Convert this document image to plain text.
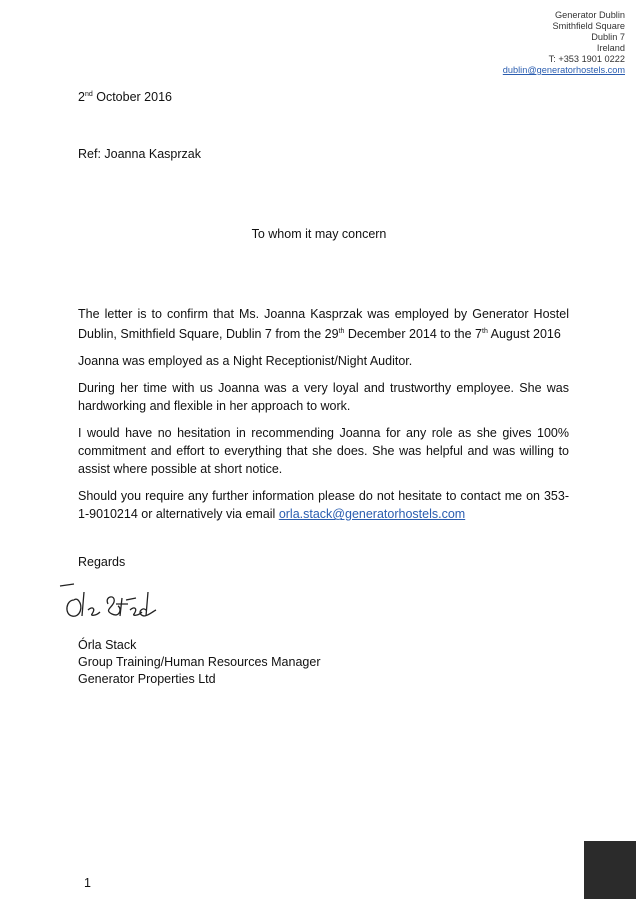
Generator Dublin
Smithfield Square
Dublin 7
Ireland
T: +353 1901 0222
dublin@generatorhostels.com
2nd October 2016
Ref: Joanna Kasprzak
To whom it may concern

The letter is to confirm that Ms. Joanna Kasprzak was employed by Generator Hostel Dublin, Smithfield Square, Dublin 7 from the 29th December 2014 to the 7th August 2016

Joanna was employed as a Night Receptionist/Night Auditor.

During her time with us Joanna was a very loyal and trustworthy employee. She was hardworking and flexible in her approach to work.

I would have no hesitation in recommending Joanna for any role as she gives 100% commitment and effort to everything that she does. She was helpful and was willing to assist where possible at short notice.

Should you require any further information please do not hesitate to contact me on 353-1-9010214 or alternatively via email orla.stack@generatorhostels.com

Regards
Órla Stack
Group Training/Human Resources Manager
Generator Properties Ltd
1
